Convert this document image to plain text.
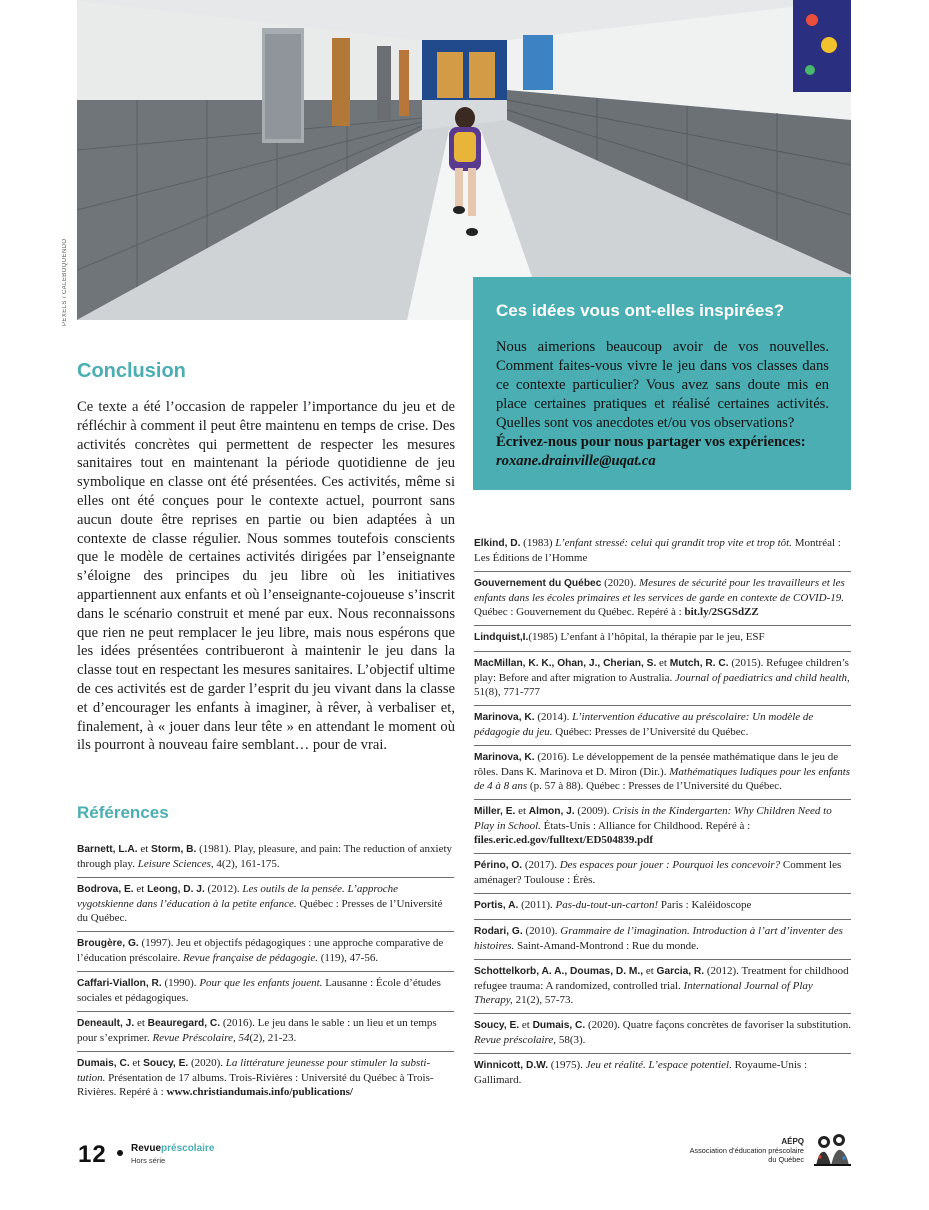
PEXELS / CALEBOQUENDO	Ces idées vous ont-elles inspirées?
Nous aimerions beaucoup avoir de vos nouvelles. Comment faites-vous vivre le jeu dans vos classes dans ce contexte particulier? Vous avez sans doute mis en place certaines pratiques et réalisé certaines activités. Quelles sont vos anecdotes et/ou vos observations?
Écrivez-nous pour nous partager vos expériences:
roxane.drainville@uqat.ca
Conclusion
Ce texte a été l’occasion de rappeler l’importance du jeu et de réfléchir à comment il peut être maintenu en temps de crise. Des activités concrètes qui permettent de respecter les mesures sanitaires tout en maintenant la période quotidienne de jeu symbolique en classe ont été présentées. Ces activités, même si elles ont été conçues pour le contexte actuel, pourront sans aucun doute être reprises en partie ou bien adaptées à un contexte de classe régulier. Nous sommes toutefois conscients que le modèle de certaines activités dirigées par l’enseignante s’éloigne des principes du jeu libre où les initiatives appartiennent aux enfants et où l’enseignante-cojoueuse s’inscrit dans le scénario construit et mené par eux. Nous reconnaissons que rien ne peut remplacer le jeu libre, mais nous espérons que les idées présentées contribueront à maintenir le jeu dans la classe tout en respectant les mesures sanitaires. L’objectif ultime de ces activités est de garder l’esprit du jeu vivant dans la classe et d’encourager les enfants à imaginer, à rêver, à verbaliser et, finalement, à « jouer dans leur tête » en attendant le moment où ils pourront à nouveau faire semblant… pour de vrai.
Références
Barnett, L.A. et Storm, B. (1981). Play, pleasure, and pain: The reduction of anxiety through play. Leisure Sciences, 4(2), 161-175.
Bodrova, E. et Leong, D. J. (2012). Les outils de la pensée. L’approche vygotskienne dans l’éducation à la petite enfance. Québec : Presses de l’Université du Québec.
Brougère, G. (1997). Jeu et objectifs pédagogiques : une approche comparative de l’éducation préscolaire. Revue française de pédagogie. (119), 47-56.
Caffari-Viallon, R. (1990). Pour que les enfants jouent. Lausanne : École d’études sociales et pédagogiques.
Deneault, J. et Beauregard, C. (2016). Le jeu dans le sable : un lieu et un temps pour s’exprimer. Revue Préscolaire, 54(2), 21-23.
Dumais, C. et Soucy, E. (2020). La littérature jeunesse pour stimuler la substitution. Présentation de 17 albums. Trois-Rivières : Université du Québec à Trois-Rivières. Repéré à : www.christiandumais.info/publications/
Elkind, D. (1983) L’enfant stressé: celui qui grandit trop vite et trop tôt. Montréal : Les Éditions de l’Homme
Gouvernement du Québec (2020). Mesures de sécurité pour les travailleurs et les enfants dans les écoles primaires et les services de garde en contexte de COVID-19. Québec : Gouvernement du Québec. Repéré à : bit.ly/2SGSdZZ
Lindquist,I.(1985) L’enfant à l’hôpital, la thérapie par le jeu, ESF
MacMillan, K. K., Ohan, J., Cherian, S. et Mutch, R. C. (2015). Refugee children’s play: Before and after migration to Australia. Journal of paediatrics and child health, 51(8), 771-777
Marinova, K. (2014). L’intervention éducative au préscolaire: Un modèle de pédagogie du jeu. Québec: Presses de l’Université du Québec.
Marinova, K. (2016). Le développement de la pensée mathématique dans le jeu de rôles. Dans K. Marinova et D. Miron (Dir.). Mathématiques ludiques pour les enfants de 4 à 8 ans (p. 57 à 88). Québec : Presses de l’Université du Québec.
Miller, E. et Almon, J. (2009). Crisis in the Kindergarten: Why Children Need to Play in School. États-Unis : Alliance for Childhood. Repéré à : files.eric.ed.gov/fulltext/ED504839.pdf
Périno, O. (2017). Des espaces pour jouer : Pourquoi les concevoir? Comment les aménager? Toulouse : Érès.
Portis, A. (2011). Pas-du-tout-un-carton! Paris : Kaléidoscope
Rodari, G. (2010). Grammaire de l’imagination. Introduction à l’art d’inventer des histoires. Saint-Amand-Montrond : Rue du monde.
Schottelkorb, A. A., Doumas, D. M., et Garcia, R. (2012). Treatment for childhood refugee trauma: A randomized, controlled trial. International Journal of Play Therapy, 21(2), 57-73.
Soucy, E. et Dumais, C. (2020). Quatre façons concrètes de favoriser la substitution. Revue préscolaire, 58(3).
Winnicott, D.W. (1975). Jeu et réalité. L’espace potentiel. Royaume-Unis : Gallimard.
12 Revuepréscolaire
Hors série
AÉPQ
Association d’éducation préscolaire
du Québec
